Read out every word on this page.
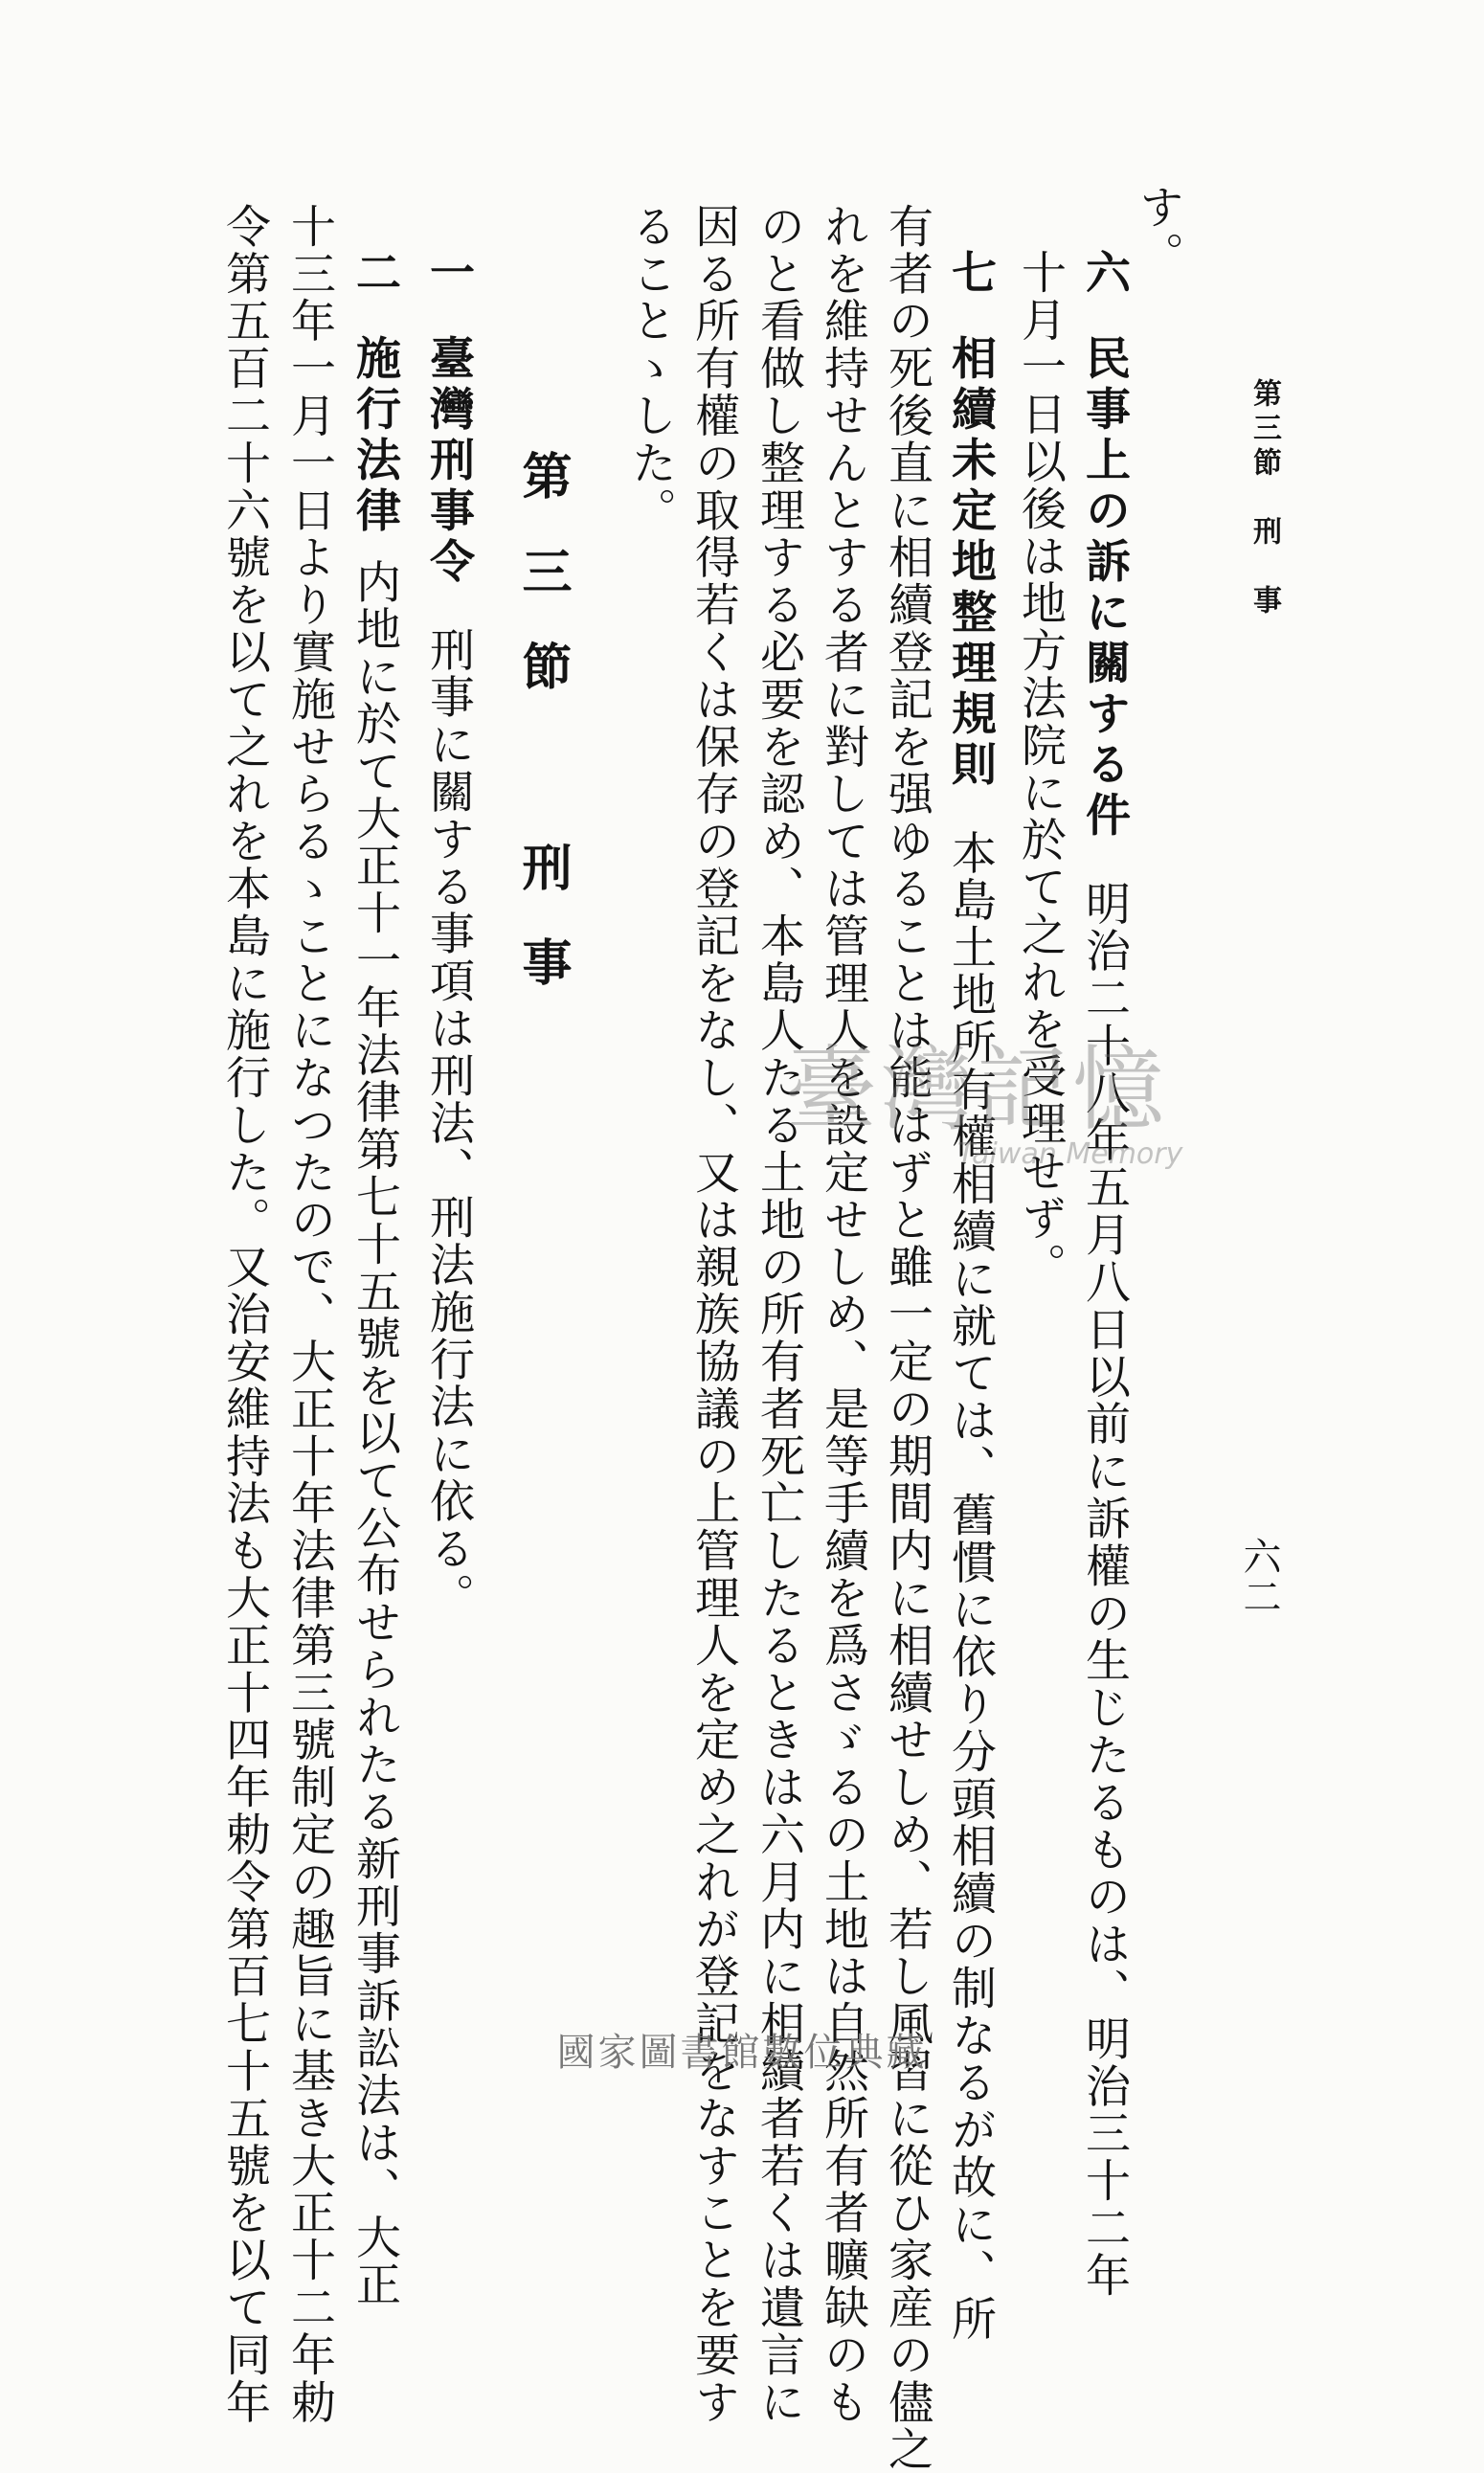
第三節　刑　事
六二
す。
六民事上の訴に關する件明治二十八年五月八日以前に訴權の生じたるものは、明治三十二年
十月一日以後は地方法院に於て之れを受理せず。
七相續未定地整理規則本島土地所有權相續に就ては、舊慣に依り分頭相續の制なるが故に、所
有者の死後直に相續登記を强ゆることは能はずと雖一定の期間内に相續せしめ、若し風習に從ひ家産の儘之
れを維持せんとする者に對しては管理人を設定せしめ、是等手續を爲さゞるの土地は自然所有者曠缺のも
のと看做し整理する必要を認め、本島人たる土地の所有者死亡したるときは六月内に相續者若くは遺言に
因る所有權の取得若くは保存の登記をなし、又は親族協議の上管理人を定め之れが登記をなすことを要す
ることゝした。
第
三
節
刑
事
一臺灣刑事令刑事に關する事項は刑法、刑法施行法に依る。
二施行法律内地に於て大正十一年法律第七十五號を以て公布せられたる新刑事訴訟法は、大正
十三年一月一日より實施せらるゝことになつたので、大正十年法律第三號制定の趣旨に基き大正十二年勅
令第五百二十六號を以て之れを本島に施行した。又治安維持法も大正十四年勅令第百七十五號を以て同年	臺灣記憶
Taiwan Memory
國家圖書館數位典藏
